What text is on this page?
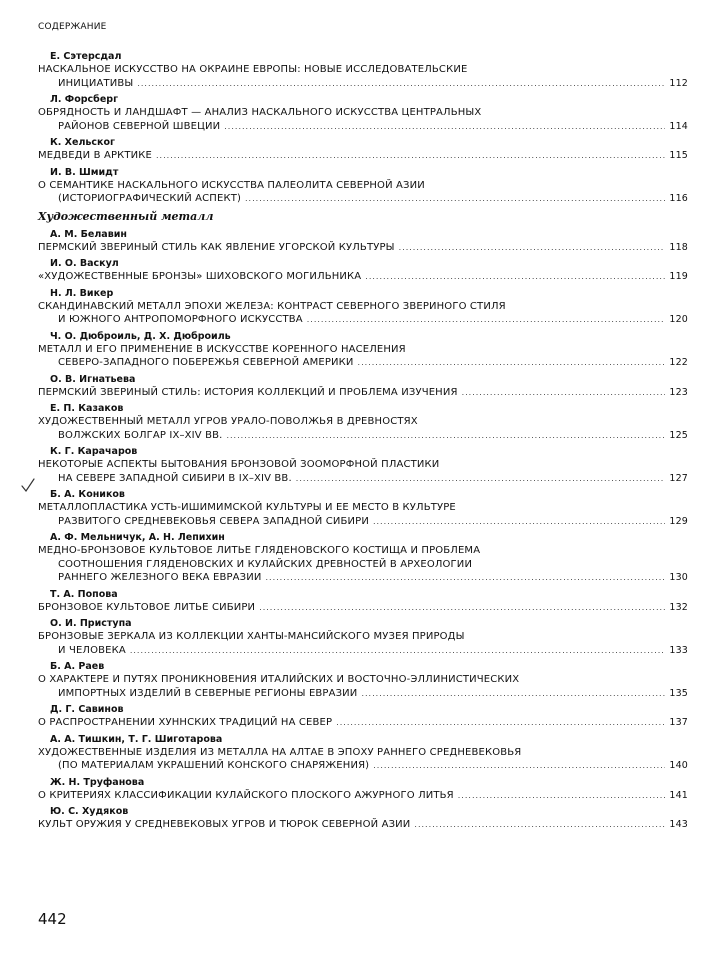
СОДЕРЖАНИЕ
Е. Сэтерсдал
НАСКАЛЬНОЕ ИСКУССТВО НА ОКРАИНЕ ЕВРОПЫ: НОВЫЕ ИССЛЕДОВАТЕЛЬСКИЕ
ИНИЦИАТИВЫ .....	112
Л. Форсберг
ОБРЯДНОСТЬ И ЛАНДШАФТ — АНАЛИЗ НАСКАЛЬНОГО ИСКУССТВА ЦЕНТРАЛЬНЫХ
РАЙОНОВ СЕВЕРНОЙ ШВЕЦИИ .....	114
К. Хельског
МЕДВЕДИ В АРКТИКЕ .....	115
И. В. Шмидт
О СЕМАНТИКЕ НАСКАЛЬНОГО ИСКУССТВА ПАЛЕОЛИТА СЕВЕРНОЙ АЗИИ
(ИСТОРИОГРАФИЧЕСКИЙ АСПЕКТ) .....	116
Художественный металл
А. М. Белавин
ПЕРМСКИЙ ЗВЕРИНЫЙ СТИЛЬ КАК ЯВЛЕНИЕ УГОРСКОЙ КУЛЬТУРЫ .....	118
И. О. Васкул
«ХУДОЖЕСТВЕННЫЕ БРОНЗЫ» ШИХОВСКОГО МОГИЛЬНИКА .....	119
Н. Л. Викер
СКАНДИНАВСКИЙ МЕТАЛЛ ЭПОХИ ЖЕЛЕЗА: КОНТРАСТ СЕВЕРНОГО ЗВЕРИНОГО СТИЛЯ
И ЮЖНОГО АНТРОПОМОРФНОГО ИСКУССТВА .....	120
Ч. О. Дюброиль, Д. Х. Дюброиль
МЕТАЛЛ И ЕГО ПРИМЕНЕНИЕ В ИСКУССТВЕ КОРЕННОГО НАСЕЛЕНИЯ
СЕВЕРО-ЗАПАДНОГО ПОБЕРЕЖЬЯ СЕВЕРНОЙ АМЕРИКИ .....	122
О. В. Игнатьева
ПЕРМСКИЙ ЗВЕРИНЫЙ СТИЛЬ: ИСТОРИЯ КОЛЛЕКЦИЙ И ПРОБЛЕМА ИЗУЧЕНИЯ .....	123
Е. П. Казаков
ХУДОЖЕСТВЕННЫЙ МЕТАЛЛ УГРОВ УРАЛО-ПОВОЛЖЬЯ В ДРЕВНОСТЯХ
ВОЛЖСКИХ БОЛГАР IX–XIV ВВ. .....	125
К. Г. Карачаров
НЕКОТОРЫЕ АСПЕКТЫ БЫТОВАНИЯ БРОНЗОВОЙ ЗООМОРФНОЙ ПЛАСТИКИ
НА СЕВЕРЕ ЗАПАДНОЙ СИБИРИ В IX–XIV ВВ. .....	127
Б. А. Коников
МЕТАЛЛОПЛАСТИКА УСТЬ-ИШИМИМСКОЙ КУЛЬТУРЫ И ЕЕ МЕСТО В КУЛЬТУРЕ
РАЗВИТОГО СРЕДНЕВЕКОВЬЯ СЕВЕРА ЗАПАДНОЙ СИБИРИ .....	129
А. Ф. Мельничук, А. Н. Лепихин
МЕДНО-БРОНЗОВОЕ КУЛЬТОВОЕ ЛИТЬЕ ГЛЯДЕНОВСКОГО КОСТИЩА И ПРОБЛЕМА
СООТНОШЕНИЯ ГЛЯДЕНОВСКИХ И КУЛАЙСКИХ ДРЕВНОСТЕЙ В АРХЕОЛОГИИ
РАННЕГО ЖЕЛЕЗНОГО ВЕКА ЕВРАЗИИ .....	130
Т. А. Попова
БРОНЗОВОЕ КУЛЬТОВОЕ ЛИТЬЕ СИБИРИ .....	132
О. И. Приступа
БРОНЗОВЫЕ ЗЕРКАЛА ИЗ КОЛЛЕКЦИИ ХАНТЫ-МАНСИЙСКОГО МУЗЕЯ ПРИРОДЫ
И ЧЕЛОВЕКА .....	133
Б. А. Раев
О ХАРАКТЕРЕ И ПУТЯХ ПРОНИКНОВЕНИЯ ИТАЛИЙСКИХ И ВОСТОЧНО-ЭЛЛИНИСТИЧЕСКИХ
ИМПОРТНЫХ ИЗДЕЛИЙ В СЕВЕРНЫЕ РЕГИОНЫ ЕВРАЗИИ .....	135
Д. Г. Савинов
О РАСПРОСТРАНЕНИИ ХУННСКИХ ТРАДИЦИЙ НА СЕВЕР .....	137
А. А. Тишкин, Т. Г. Шиготарова
ХУДОЖЕСТВЕННЫЕ ИЗДЕЛИЯ ИЗ МЕТАЛЛА НА АЛТАЕ В ЭПОХУ РАННЕГО СРЕДНЕВЕКОВЬЯ
(ПО МАТЕРИАЛАМ УКРАШЕНИЙ КОНСКОГО СНАРЯЖЕНИЯ) .....	140
Ж. Н. Труфанова
О КРИТЕРИЯХ КЛАССИФИКАЦИИ КУЛАЙСКОГО ПЛОСКОГО АЖУРНОГО ЛИТЬЯ .....	141
Ю. С. Худяков
КУЛЬТ ОРУЖИЯ У СРЕДНЕВЕКОВЫХ УГРОВ И ТЮРОК СЕВЕРНОЙ АЗИИ .....	143
442
